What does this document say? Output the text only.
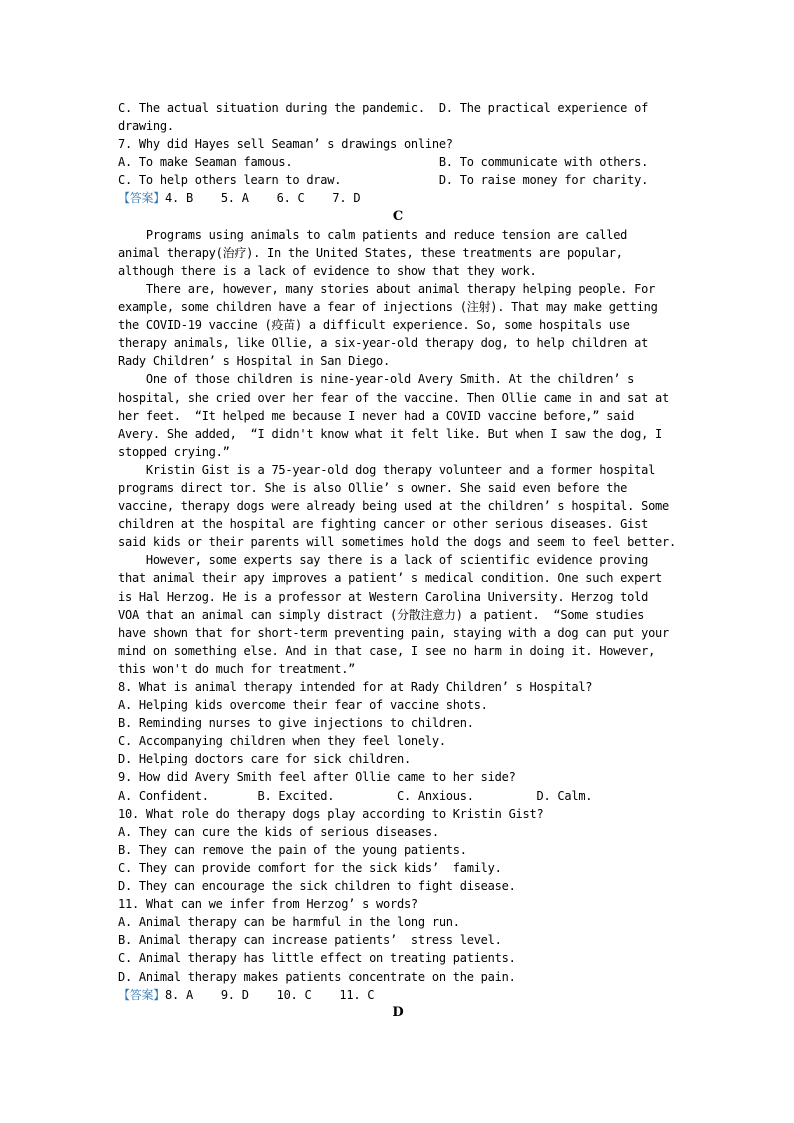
C. The actual situation during the pandemic.  D. The practical experience of
drawing.
7. Why did Hayes sell Seaman’ s drawings online?
A. To make Seaman famous.                     B. To communicate with others.
C. To help others learn to draw.              D. To raise money for charity.
【答案】4. B    5. A    6. C    7. D
C
Programs using animals to calm patients and reduce tension are called
animal therapy(治疗). In the United States, these treatments are popular,
although there is a lack of evidence to show that they work.
There are, however, many stories about animal therapy helping people. For
example, some children have a fear of injections (注射). That may make getting
the COVID-19 vaccine (疫苗) a difficult experience. So, some hospitals use
therapy animals, like Ollie, a six-year-old therapy dog, to help children at
Rady Children’ s Hospital in San Diego.
One of those children is nine-year-old Avery Smith. At the children’ s
hospital, she cried over her fear of the vaccine. Then Ollie came in and sat at
her feet.  “It helped me because I never had a COVID vaccine before,” said
Avery. She added,  “I didn't know what it felt like. But when I saw the dog, I
stopped crying.”
Kristin Gist is a 75-year-old dog therapy volunteer and a former hospital
programs direct tor. She is also Ollie’ s owner. She said even before the
vaccine, therapy dogs were already being used at the children’ s hospital. Some
children at the hospital are fighting cancer or other serious diseases. Gist
said kids or their parents will sometimes hold the dogs and seem to feel better.
However, some experts say there is a lack of scientific evidence proving
that animal their apy improves a patient’ s medical condition. One such expert
is Hal Herzog. He is a professor at Western Carolina University. Herzog told
VOA that an animal can simply distract (分散注意力) a patient.  “Some studies
have shown that for short-term preventing pain, staying with a dog can put your
mind on something else. And in that case, I see no harm in doing it. However,
this won't do much for treatment.”
8. What is animal therapy intended for at Rady Children’ s Hospital?
A. Helping kids overcome their fear of vaccine shots.
B. Reminding nurses to give injections to children.
C. Accompanying children when they feel lonely.
D. Helping doctors care for sick children.
9. How did Avery Smith feel after Ollie came to her side?
A. Confident.       B. Excited.         C. Anxious.         D. Calm.
10. What role do therapy dogs play according to Kristin Gist?
A. They can cure the kids of serious diseases.
B. They can remove the pain of the young patients.
C. They can provide comfort for the sick kids’  family.
D. They can encourage the sick children to fight disease.
11. What can we infer from Herzog’ s words?
A. Animal therapy can be harmful in the long run.
B. Animal therapy can increase patients’  stress level.
C. Animal therapy has little effect on treating patients.
D. Animal therapy makes patients concentrate on the pain.
【答案】8. A    9. D    10. C    11. C
D
